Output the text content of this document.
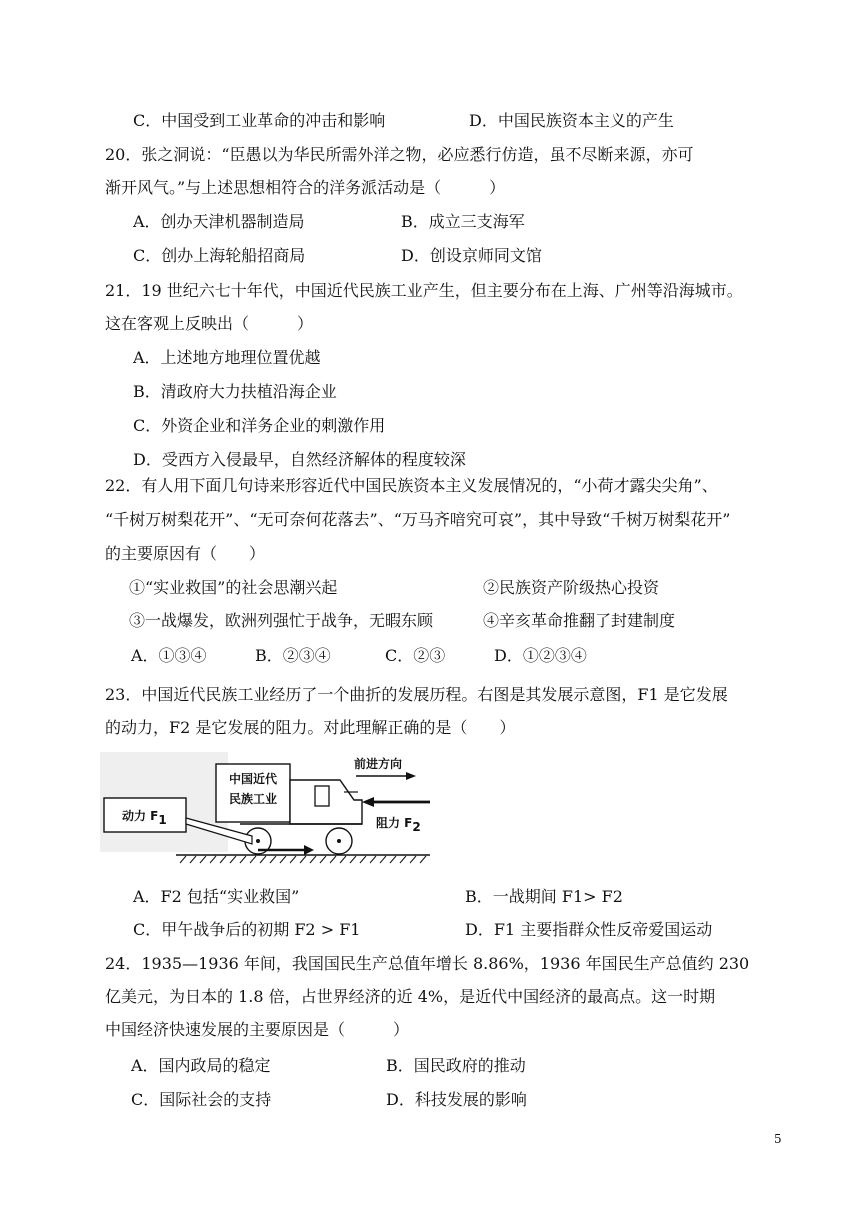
C．中国受到工业革命的冲击和影响	D．中国民族资本主义的产生
20．张之洞说：“臣愚以为华民所需外洋之物，必应悉行仿造，虽不尽断来源，亦可
渐开风气。”与上述思想相符合的洋务派活动是（　　　）
A．创办天津机器制造局	B．成立三支海军
C．创办上海轮船招商局	D．创设京师同文馆
21．19 世纪六七十年代，中国近代民族工业产生，但主要分布在上海、广州等沿海城市。
这在客观上反映出（　　　）
A．上述地方地理位置优越
B．清政府大力扶植沿海企业
C．外资企业和洋务企业的刺激作用
D．受西方入侵最早，自然经济解体的程度较深
22．有人用下面几句诗来形容近代中国民族资本主义发展情况的，“小荷才露尖尖角”、
“千树万树梨花开”、“无可奈何花落去”、“万马齐喑究可哀”，其中导致“千树万树梨花开”
的主要原因有（　　）
①“实业救国”的社会思潮兴起	②民族资产阶级热心投资
③一战爆发，欧洲列强忙于战争，无暇东顾	④辛亥革命推翻了封建制度
A．①③④	B．②③④	C．②③	D．①②③④
23．中国近代民族工业经历了一个曲折的发展历程。右图是其发展示意图，F1 是它发展
的动力，F2 是它发展的阻力。对此理解正确的是（　　）
中国近代
民族工业
前进方向
动力 F1	阻力 F2
A．F2 包括“实业救国”	B．一战期间 F1> F2
C．甲午战争后的初期 F2 > F1	D．F1 主要指群众性反帝爱国运动
24．1935—1936 年间，我国国民生产总值年增长 8.86%，1936 年国民生产总值约 230
亿美元，为日本的 1.8 倍，占世界经济的近 4%，是近代中国经济的最高点。这一时期
中国经济快速发展的主要原因是（　　　）
A．国内政局的稳定	B．国民政府的推动
C．国际社会的支持	D．科技发展的影响
5
